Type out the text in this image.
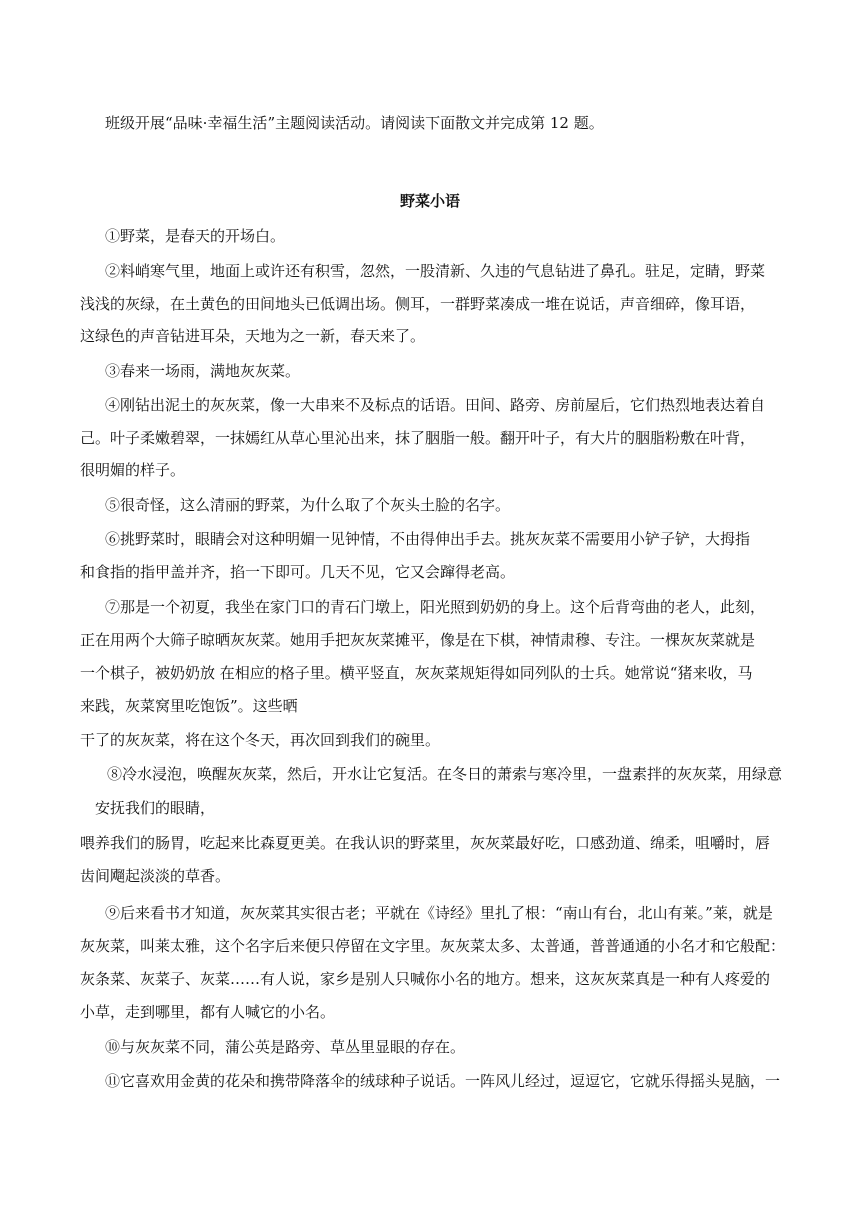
班级开展“品味·幸福生活”主题阅读活动。请阅读下面散文并完成第 12 题。
野菜小语
①野菜，是春天的开场白。
②料峭寒气里，地面上或许还有积雪，忽然，一股清新、久违的气息钻进了鼻孔。驻足，定睛，野菜
浅浅的灰绿，在土黄色的田间地头已低调出场。侧耳，一群野菜凑成一堆在说话，声音细碎，像耳语，
这绿色的声音钻进耳朵，天地为之一新，春天来了。
③春来一场雨，满地灰灰菜。
④刚钻出泥土的灰灰菜，像一大串来不及标点的话语。田间、路旁、房前屋后，它们热烈地表达着自
己。叶子柔嫩碧翠，一抹嫣红从草心里沁出来，抹了胭脂一般。翻开叶子，有大片的胭脂粉敷在叶背，
很明媚的样子。
⑤很奇怪，这么清丽的野菜，为什么取了个灰头土脸的名字。
⑥挑野菜时，眼睛会对这种明媚一见钟情，不由得伸出手去。挑灰灰菜不需要用小铲子铲，大拇指
和食指的指甲盖并齐，掐一下即可。几天不见，它又会蹿得老高。
⑦那是一个初夏，我坐在家门口的青石门墩上，阳光照到奶奶的身上。这个后背弯曲的老人，此刻，
正在用两个大筛子晾晒灰灰菜。她用手把灰灰菜摊平，像是在下棋，神情肃穆、专注。一棵灰灰菜就是
一个棋子，被奶奶放 在相应的格子里。横平竖直，灰灰菜规矩得如同列队的士兵。她常说“猪来收，马
来践，灰菜窝里吃饱饭”。这些晒
干了的灰灰菜，将在这个冬天，再次回到我们的碗里。
⑧冷水浸泡，唤醒灰灰菜，然后，开水让它复活。在冬日的萧索与寒冷里，一盘素拌的灰灰菜，用绿意
安抚我们的眼睛，
喂养我们的肠胃，吃起来比森夏更美。在我认识的野菜里，灰灰菜最好吃，口感劲道、绵柔，咀嚼时，唇
齿间飗起淡淡的草香。
⑨后来看书才知道，灰灰菜其实很古老；平就在《诗经》里扎了根：“南山有台，北山有莱。”莱，就是
灰灰菜，叫莱太雅，这个名字后来便只停留在文字里。灰灰菜太多、太普通，普普通通的小名才和它般配：
灰条菜、灰菜子、灰菜……有人说，家乡是别人只喊你小名的地方。想来，这灰灰菜真是一种有人疼爱的
小草，走到哪里，都有人喊它的小名。
⑩与灰灰菜不同，蒲公英是路旁、草丛里显眼的存在。
⑪它喜欢用金黄的花朵和携带降落伞的绒球种子说话。一阵风儿经过，逗逗它，它就乐得摇头晃脑，一
